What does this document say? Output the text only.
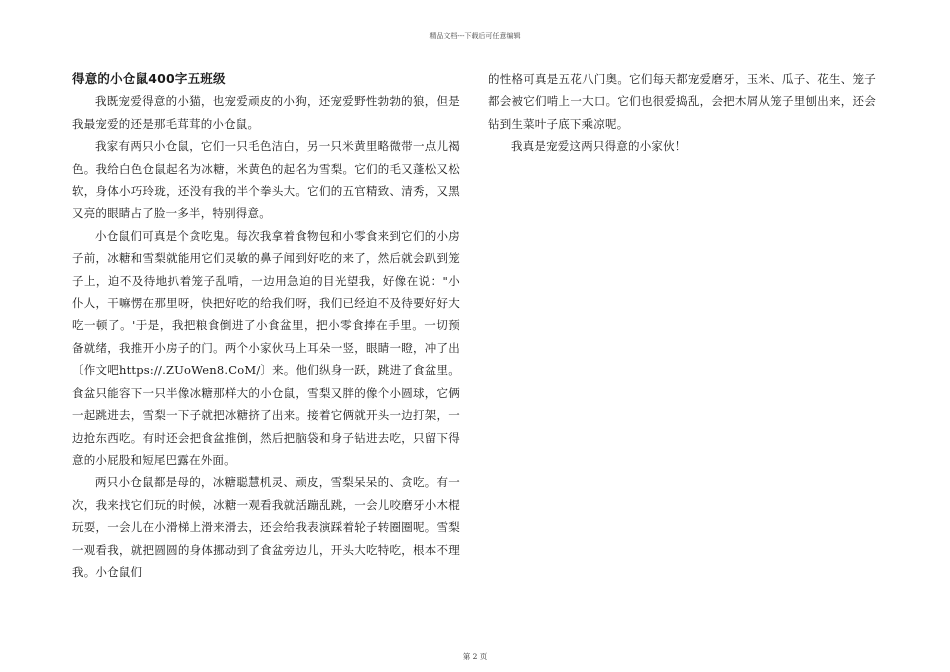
精品文档---下载后可任意编辑
得意的小仓鼠400字五班级

我既宠爱得意的小猫，也宠爱顽皮的小狗，还宠爱野性勃勃的狼，但是我最宠爱的还是那毛茸茸的小仓鼠。

我家有两只小仓鼠，它们一只毛色洁白，另一只米黄里略微带一点儿褐色。我给白色仓鼠起名为冰糖，米黄色的起名为雪梨。它们的毛又蓬松又松软，身体小巧玲珑，还没有我的半个拳头大。它们的五官精致、清秀，又黑又亮的眼睛占了脸一多半，特别得意。

小仓鼠们可真是个贪吃鬼。每次我拿着食物包和小零食来到它们的小房子前，冰糖和雪梨就能用它们灵敏的鼻子闻到好吃的来了，然后就会趴到笼子上，迫不及待地扒着笼子乱啃，一边用急迫的目光望我，好像在说："小仆人，干嘛愣在那里呀，快把好吃的给我们呀，我们已经迫不及待要好好大吃一顿了。'于是，我把粮食倒进了小食盆里，把小零食捧在手里。一切预备就绪，我推开小房子的门。两个小家伙马上耳朵一竖，眼睛一瞪，冲了出〔作文吧https://.ZUoWen8.CoM/〕来。他们纵身一跃，跳进了食盆里。食盆只能容下一只半像冰糖那样大的小仓鼠，雪梨又胖的像个小圆球，它俩一起跳进去，雪梨一下子就把冰糖挤了出来。接着它俩就开头一边打架，一边抢东西吃。有时还会把食盆推倒，然后把脑袋和身子钻进去吃，只留下得意的小屁股和短尾巴露在外面。

两只小仓鼠都是母的，冰糖聪慧机灵、顽皮，雪梨呆呆的、贪吃。有一次，我来找它们玩的时候，冰糖一观看我就活蹦乱跳，一会儿咬磨牙小木棍玩耍，一会儿在小滑梯上滑来滑去，还会给我表演踩着轮子转圈圈呢。雪梨一观看我，就把圆圆的身体挪动到了食盆旁边儿，开头大吃特吃，根本不理我。小仓鼠们

的性格可真是五花八门奥。它们每天都宠爱磨牙，玉米、瓜子、花生、笼子都会被它们啃上一大口。它们也很爱捣乱，会把木屑从笼子里刨出来，还会钻到生菜叶子底下乘凉呢。

我真是宠爱这两只得意的小家伙！

第 2 页
